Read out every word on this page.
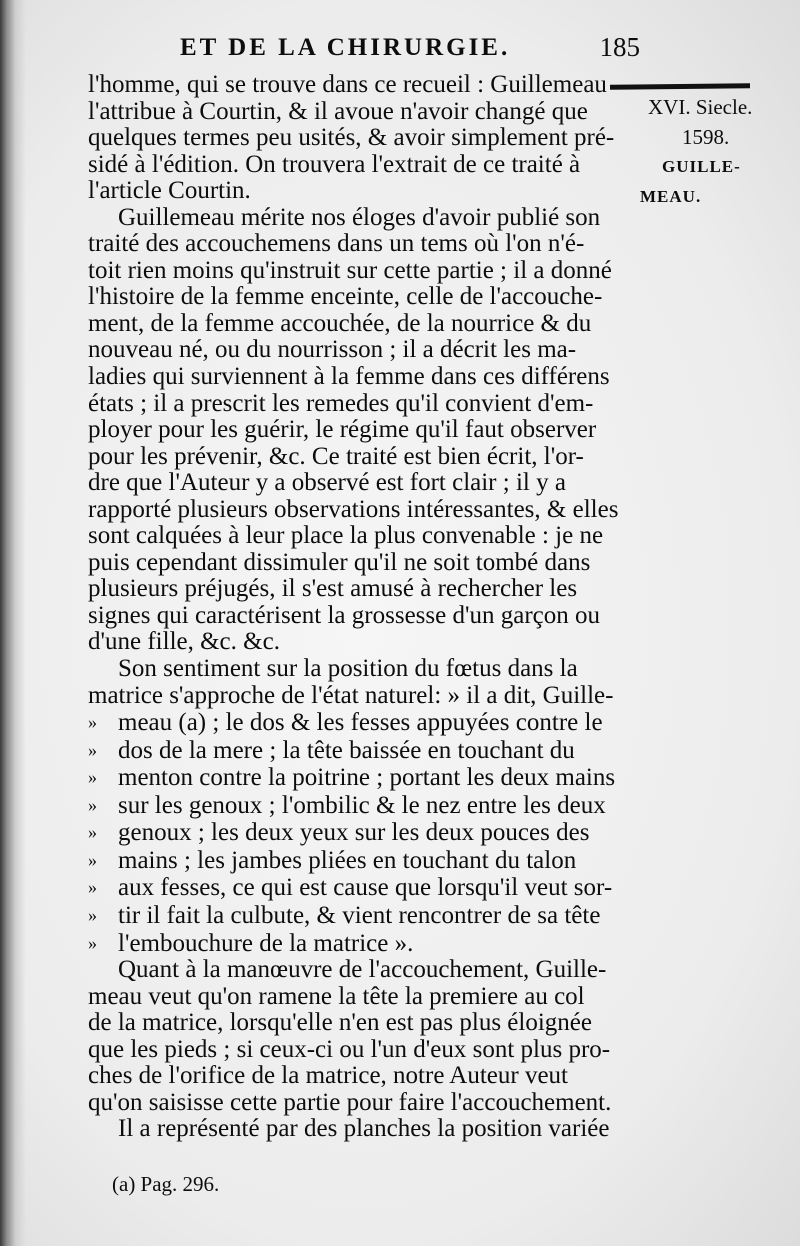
ET DE LA CHIRURGIE.	185
XVI. Siecle.
1598.
GUILLE-
MEAU.
l'homme, qui se trouve dans ce recueil : Guillemeau
l'attribue à Courtin, & il avoue n'avoir changé que
quelques termes peu usités, & avoir simplement pré-
sidé à l'édition. On trouvera l'extrait de ce traité à
l'article Courtin.
Guillemeau mérite nos éloges d'avoir publié son
traité des accouchemens dans un tems où l'on n'é-
toit rien moins qu'instruit sur cette partie ; il a donné
l'histoire de la femme enceinte, celle de l'accouche-
ment, de la femme accouchée, de la nourrice & du
nouveau né, ou du nourrisson ; il a décrit les ma-
ladies qui surviennent à la femme dans ces différens
états ; il a prescrit les remedes qu'il convient d'em-
ployer pour les guérir, le régime qu'il faut observer
pour les prévenir, &c. Ce traité est bien écrit, l'or-
dre que l'Auteur y a observé est fort clair ; il y a
rapporté plusieurs observations intéressantes, & elles
sont calquées à leur place la plus convenable : je ne
puis cependant dissimuler qu'il ne soit tombé dans
plusieurs préjugés, il s'est amusé à rechercher les
signes qui caractérisent la grossesse d'un garçon ou
d'une fille, &c. &c.
Son sentiment sur la position du fœtus dans la
matrice s'approche de l'état naturel: » il a dit, Guille-
» meau (a) ; le dos & les fesses appuyées contre le
» dos de la mere ; la tête baissée en touchant du
» menton contre la poitrine ; portant les deux mains
» sur les genoux ; l'ombilic & le nez entre les deux
» genoux ; les deux yeux sur les deux pouces des
» mains ; les jambes pliées en touchant du talon
» aux fesses, ce qui est cause que lorsqu'il veut sor-
» tir il fait la culbute, & vient rencontrer de sa tête
» l'embouchure de la matrice ».
Quant à la manœuvre de l'accouchement, Guille-
meau veut qu'on ramene la tête la premiere au col
de la matrice, lorsqu'elle n'en est pas plus éloignée
que les pieds ; si ceux-ci ou l'un d'eux sont plus pro-
ches de l'orifice de la matrice, notre Auteur veut
qu'on saisisse cette partie pour faire l'accouchement.
Il a représenté par des planches la position variée
(a) Pag. 296.
